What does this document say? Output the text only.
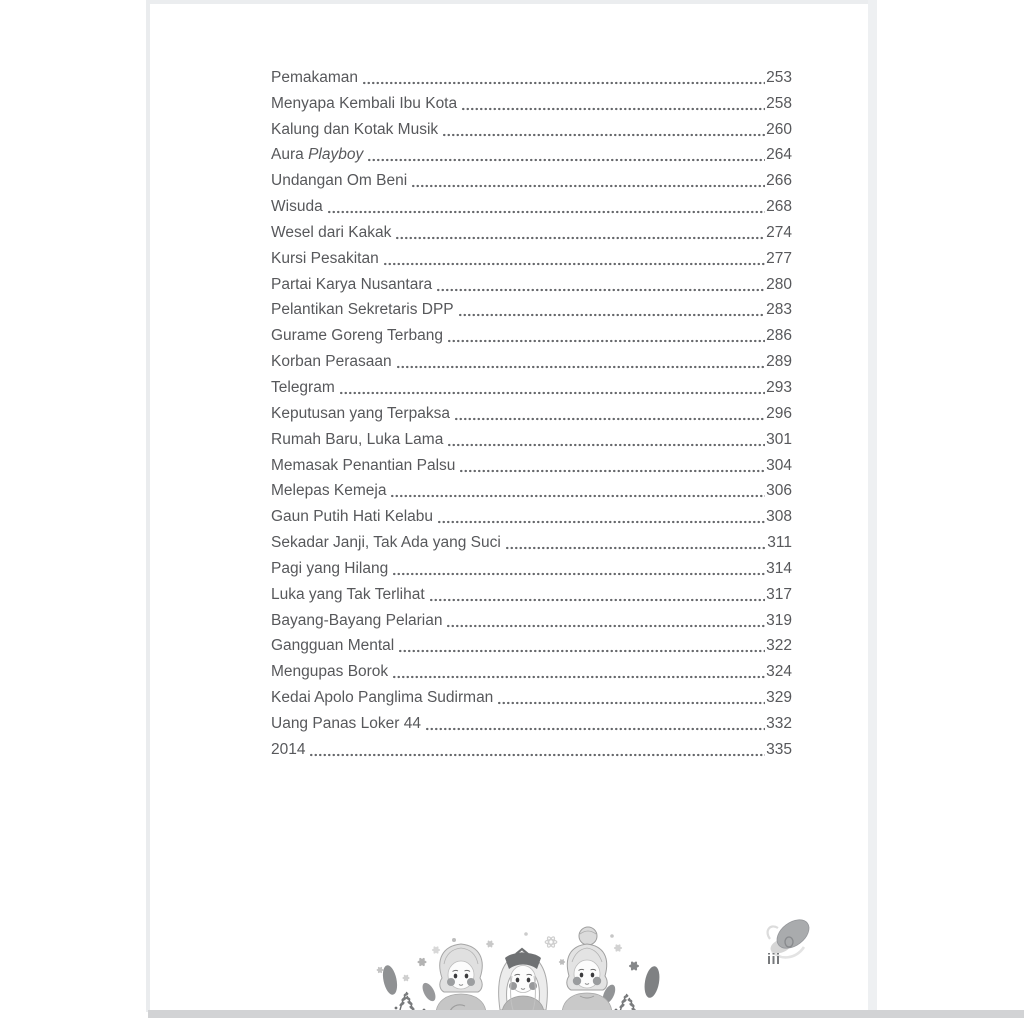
Pemakaman	253
Menyapa Kembali Ibu Kota	258
Kalung dan Kotak Musik	260
Aura Playboy	264
Undangan Om Beni	266
Wisuda	268
Wesel dari Kakak	274
Kursi Pesakitan	277
Partai Karya Nusantara	280
Pelantikan Sekretaris DPP	283
Gurame Goreng Terbang	286
Korban Perasaan	289
Telegram	293
Keputusan yang Terpaksa	296
Rumah Baru, Luka Lama	301
Memasak Penantian Palsu	304
Melepas Kemeja	306
Gaun Putih Hati Kelabu	308
Sekadar Janji, Tak Ada yang Suci	311
Pagi yang Hilang	314
Luka yang Tak Terlihat	317
Bayang-Bayang Pelarian	319
Gangguan Mental	322
Mengupas Borok	324
Kedai Apolo Panglima Sudirman	329
Uang Panas Loker 44	332
2014	335
iii
